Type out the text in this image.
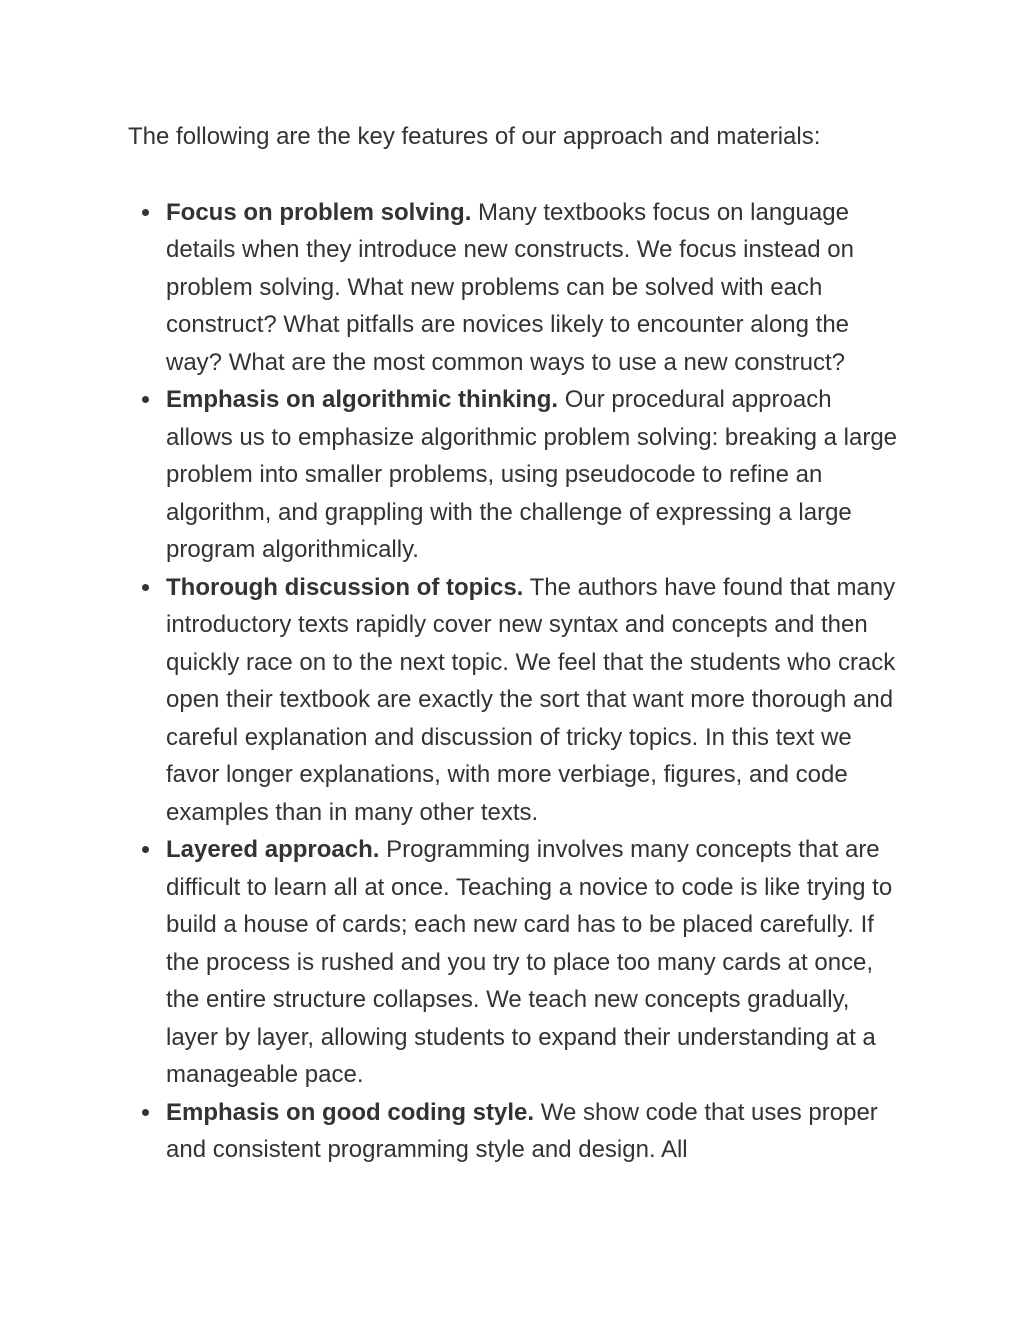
The following are the key features of our approach and materials:

Focus on problem solving. Many textbooks focus on language details when they introduce new constructs. We focus instead on problem solving. What new problems can be solved with each construct? What pitfalls are novices likely to encounter along the way? What are the most common ways to use a new construct?
Emphasis on algorithmic thinking. Our procedural approach allows us to emphasize algorithmic problem solving: breaking a large problem into smaller problems, using pseudocode to refine an algorithm, and grappling with the challenge of expressing a large program algorithmically.
Thorough discussion of topics. The authors have found that many introductory texts rapidly cover new syntax and concepts and then quickly race on to the next topic. We feel that the students who crack open their textbook are exactly the sort that want more thorough and careful explanation and discussion of tricky topics. In this text we favor longer explanations, with more verbiage, figures, and code examples than in many other texts.
Layered approach. Programming involves many concepts that are difficult to learn all at once. Teaching a novice to code is like trying to build a house of cards; each new card has to be placed carefully. If the process is rushed and you try to place too many cards at once, the entire structure collapses. We teach new concepts gradually, layer by layer, allowing students to expand their understanding at a manageable pace.
Emphasis on good coding style. We show code that uses proper and consistent programming style and design. All
